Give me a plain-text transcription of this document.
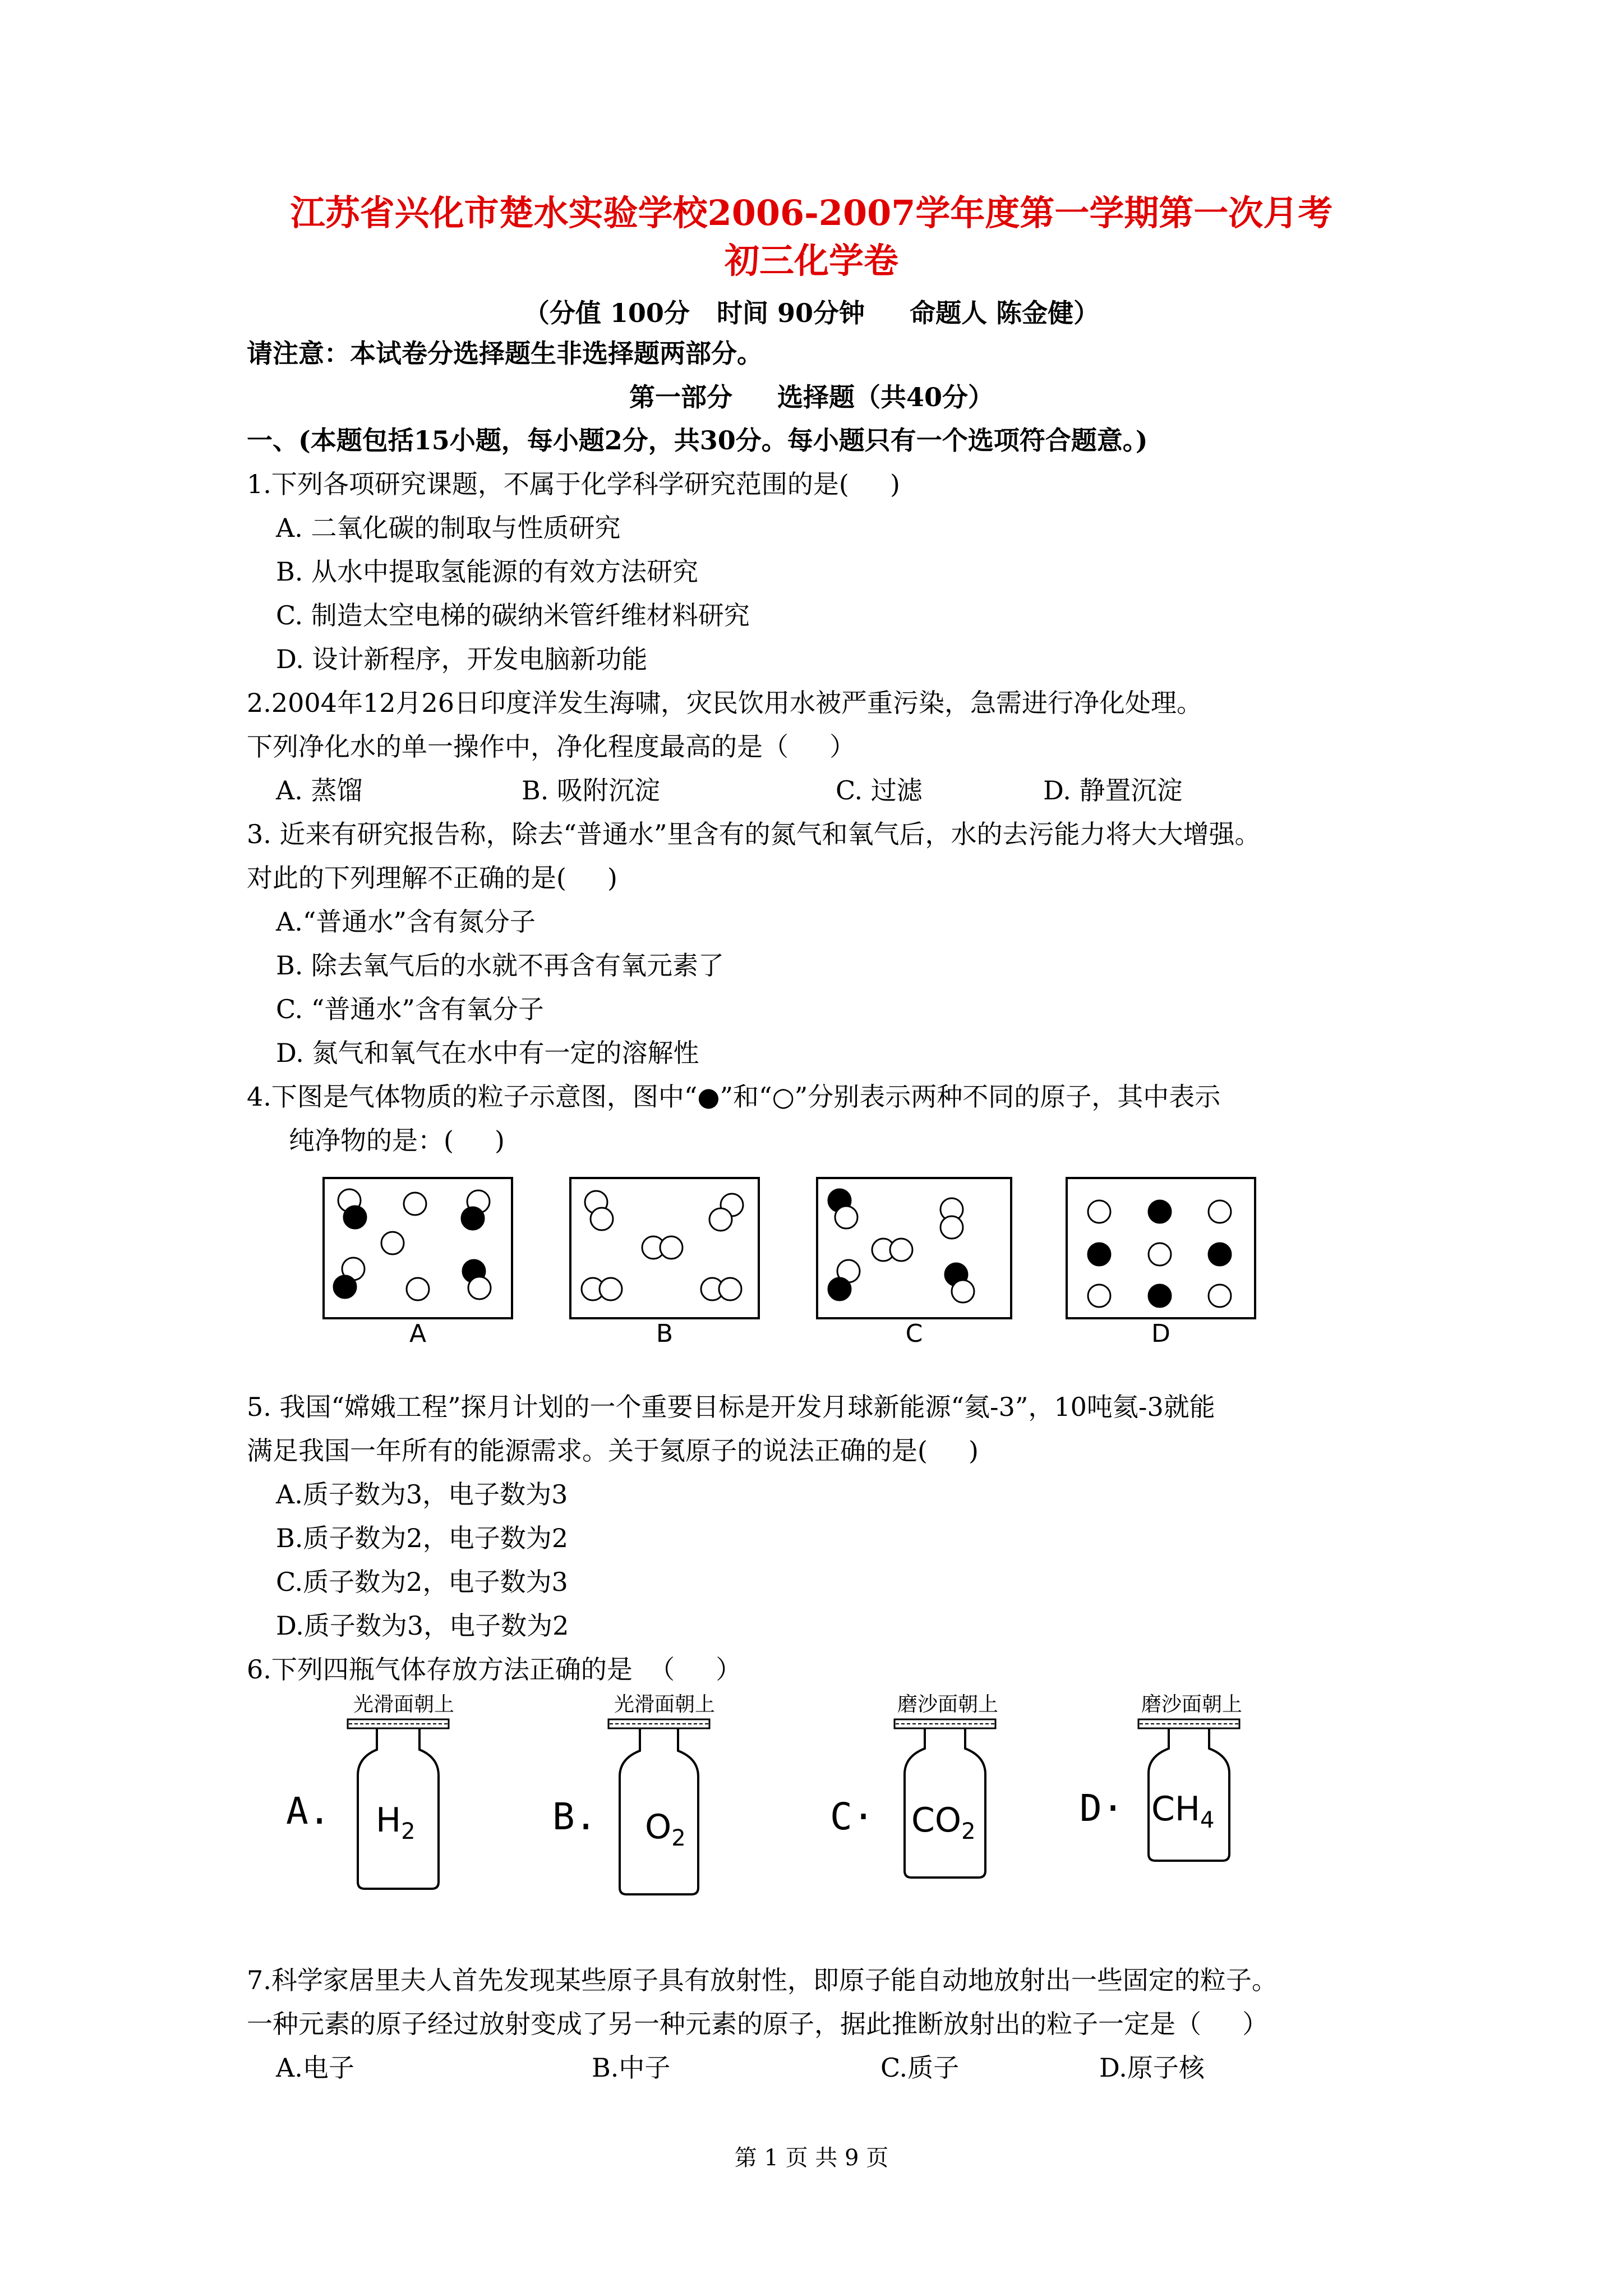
江苏省兴化市楚水实验学校2006-2007学年度第一学期第一次月考
初三化学卷
（分值 100分   时间 90分钟     命题人 陈金健）
请注意：本试卷分选择题生非选择题两部分。
第一部分     选择题（共40分）
一、(本题包括15小题，每小题2分，共30分。每小题只有一个选项符合题意。)
1.下列各项研究课题，不属于化学科学研究范围的是(     )
A. 二氧化碳的制取与性质研究
B. 从水中提取氢能源的有效方法研究
C. 制造太空电梯的碳纳米管纤维材料研究
D. 设计新程序，开发电脑新功能
2.2004年12月26日印度洋发生海啸，灾民饮用水被严重污染，急需进行净化处理。
下列净化水的单一操作中，净化程度最高的是（     ）
A. 蒸馏	B. 吸附沉淀	C. 过滤	D. 静置沉淀
3. 近来有研究报告称，除去“普通水”里含有的氮气和氧气后，水的去污能力将大大增强。
对此的下列理解不正确的是(     )
A.“普通水”含有氮分子
B. 除去氧气后的水就不再含有氧元素了
C. “普通水”含有氧分子
D. 氮气和氧气在水中有一定的溶解性
4.下图是气体物质的粒子示意图，图中“●”和“○”分别表示两种不同的原子，其中表示
纯净物的是：(     )
A	B	C	D
5. 我国“嫦娥工程”探月计划的一个重要目标是开发月球新能源“氦-3”，10吨氦-3就能
满足我国一年所有的能源需求。关于氦原子的说法正确的是(     )
A.质子数为3，电子数为3
B.质子数为2，电子数为2
C.质子数为2，电子数为3
D.质子数为3，电子数为2
6.下列四瓶气体存放方法正确的是  （     ）
光滑面朝上
A. $H_2$
光滑面朝上
B. $O_2$
磨沙面朝上
$C\cdot CO_2$
磨沙面朝上
$D\cdot CH_4$
7.科学家居里夫人首先发现某些原子具有放射性，即原子能自动地放射出一些固定的粒子。
一种元素的原子经过放射变成了另一种元素的原子，据此推断放射出的粒子一定是（     ）
A.电子	B.中子	C.质子	D.原子核
第 1 页 共 9 页
